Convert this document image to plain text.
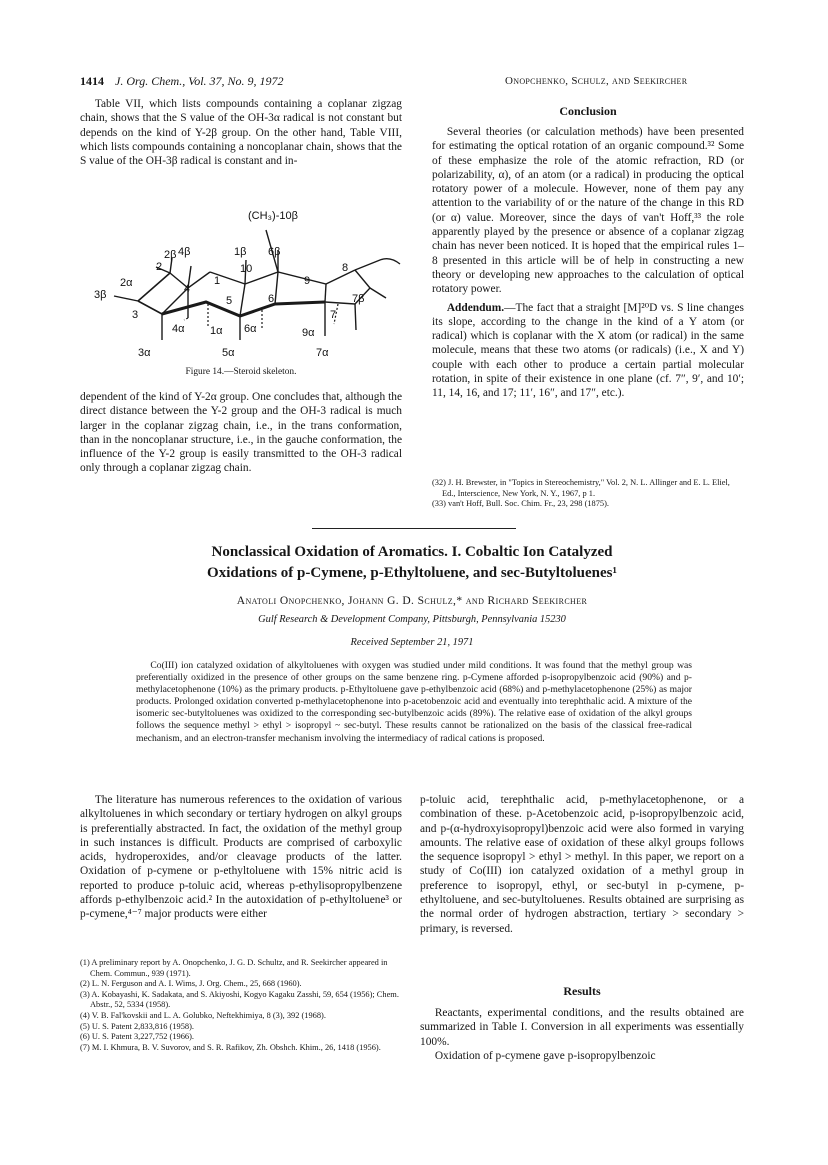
1414 J. Org. Chem., Vol. 37, No. 9, 1972	Onopchenko, Schulz, and Seekircher

Table VII, which lists compounds containing a coplanar zigzag chain, shows that the S value of the OH-3α radical is not constant but depends on the kind of Y-2β group. On the other hand, Table VIII, which lists compounds containing a noncoplanar chain, shows that the S value of the OH-3β radical is constant and in-

2β
(CH₃)-10β
4β	1β 6β
2α
2	10	8
1
4
9
3β	5	6	7β
3	7
4α 1α 6α	9α
3α	5α	7α
Figure 14.—Steroid skeleton.

dependent of the kind of Y-2α group. One concludes that, although the direct distance between the Y-2 group and the OH-3 radical is much larger in the coplanar zigzag chain, i.e., in the trans conformation, than in the noncoplanar structure, i.e., in the gauche conformation, the influence of the Y-2 group is easily transmitted to the OH-3 radical only through a coplanar zigzag chain.

Conclusion

Several theories (or calculation methods) have been presented for estimating the optical rotation of an organic compound.³² Some of these emphasize the role of the atomic refraction, RD (or polarizability, α), of an atom (or a radical) in producing the optical rotatory power of a molecule. However, none of them pay any attention to the variability of or the nature of the change in this RD (or α) value. Moreover, since the days of van't Hoff,³³ the role apparently played by the presence or absence of a coplanar zigzag chain has never been noticed. It is hoped that the empirical rules 1–8 presented in this article will be of help in constructing a new theory or developing new approaches to the calculation of optical rotatory power.

Addendum.—The fact that a straight [M]²⁰D vs. S line changes its slope, according to the change in the kind of a Y atom (or radical) which is coplanar with the X atom (or radical) in the same molecule, means that these two atoms (or radicals) (i.e., X and Y) couple with each other to produce a certain partial molecular rotation, in spite of their existence in one plane (cf. 7″, 9′, and 10′; 11, 14, 16, and 17; 11′, 16″, and 17″, etc.).

(32) J. H. Brewster, in "Topics in Stereochemistry," Vol. 2, N. L. Allinger and E. L. Eliel, Ed., Interscience, New York, N. Y., 1967, p 1.

(33) van't Hoff, Bull. Soc. Chim. Fr., 23, 298 (1875).

Nonclassical Oxidation of Aromatics. I. Cobaltic Ion Catalyzed
Oxidations of p-Cymene, p-Ethyltoluene, and sec-Butyltoluenes¹
Anatoli Onopchenko, Johann G. D. Schulz,* and Richard Seekircher
Gulf Research & Development Company, Pittsburgh, Pennsylvania 15230
Received September 21, 1971

Co(III) ion catalyzed oxidation of alkyltoluenes with oxygen was studied under mild conditions. It was found that the methyl group was preferentially oxidized in the presence of other groups on the same benzene ring. p-Cymene afforded p-isopropylbenzoic acid (90%) and p-methylacetophenone (10%) as the primary products. p-Ethyltoluene gave p-ethylbenzoic acid (68%) and p-methylacetophenone (25%) as major products. Prolonged oxidation converted p-methylacetophenone into p-acetobenzoic acid and eventually into terephthalic acid. A mixture of the isomeric sec-butyltoluenes was oxidized to the corresponding sec-butylbenzoic acids (89%). The relative ease of oxidation of the alkyl groups follows the sequence methyl > ethyl > isopropyl ~ sec-butyl. These results cannot be rationalized on the basis of the classical free-radical mechanism, and an electron-transfer mechanism involving the intermediacy of radical cations is proposed.

The literature has numerous references to the oxidation of various alkyltoluenes in which secondary or tertiary hydrogen on alkyl groups is preferentially abstracted. In fact, the oxidation of the methyl group in such instances is difficult. Products are comprised of carboxylic acids, hydroperoxides, and/or cleavage products of the latter. Oxidation of p-cymene or p-ethyltoluene with 15% nitric acid is reported to produce p-toluic acid, whereas p-ethylisopropylbenzene affords p-ethylbenzoic acid.² In the autoxidation of p-ethyltoluene³ or p-cymene,⁴⁻⁷ major products were either

(1) A preliminary report by A. Onopchenko, J. G. D. Schultz, and R. Seekircher appeared in Chem. Commun., 939 (1971).

(2) L. N. Ferguson and A. I. Wims, J. Org. Chem., 25, 668 (1960).

(3) A. Kobayashi, K. Sadakata, and S. Akiyoshi, Kogyo Kagaku Zasshi, 59, 654 (1956); Chem. Abstr., 52, 5334 (1958).

(4) V. B. Fal'kovskii and L. A. Golubko, Neftekhimiya, 8 (3), 392 (1968).

(5) U. S. Patent 2,833,816 (1958).

(6) U. S. Patent 3,227,752 (1966).

(7) M. I. Khmura, B. V. Suvorov, and S. R. Rafikov, Zh. Obshch. Khim., 26, 1418 (1956).

p-toluic acid, terephthalic acid, p-methylacetophenone, or a combination of these. p-Acetobenzoic acid, p-isopropylbenzoic acid, and p-(α-hydroxyisopropyl)benzoic acid were also formed in varying amounts. The relative ease of oxidation of these alkyl groups follows the sequence isopropyl > ethyl > methyl. In this paper, we report on a study of Co(III) ion catalyzed oxidation of a methyl group in preference to isopropyl, ethyl, or sec-butyl in p-cymene, p-ethyltoluene, and sec-butyltoluenes. Results obtained are surprising as the normal order of hydrogen abstraction, tertiary > secondary > primary, is reversed.

Results

Reactants, experimental conditions, and the results obtained are summarized in Table I. Conversion in all experiments was essentially 100%.

Oxidation of p-cymene gave p-isopropylbenzoic
